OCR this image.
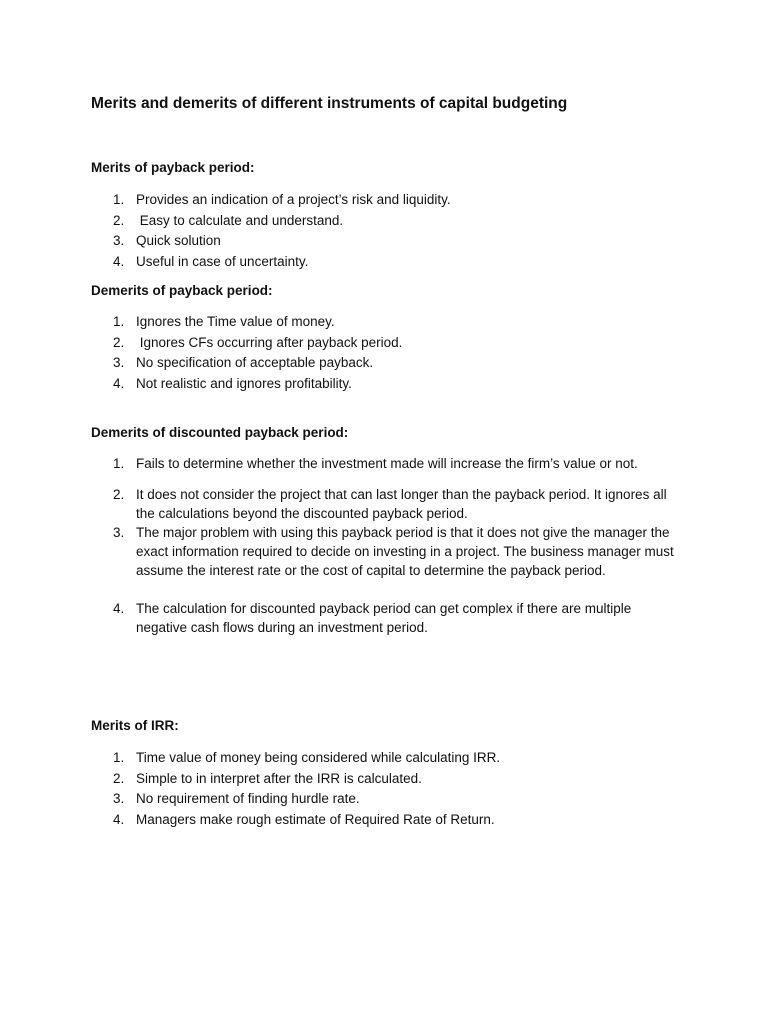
Merits and demerits of different instruments of capital budgeting
Merits of payback period:
1. Provides an indication of a project’s risk and liquidity.
2. Easy to calculate and understand.
3. Quick solution
4. Useful in case of uncertainty.
Demerits of payback period:
1. Ignores the Time value of money.
2. Ignores CFs occurring after payback period.
3. No specification of acceptable payback.
4. Not realistic and ignores profitability.
Demerits of discounted payback period:
1. Fails to determine whether the investment made will increase the firm’s value or not.
2. It does not consider the project that can last longer than the payback period. It ignores all the calculations beyond the discounted payback period.
3. The major problem with using this payback period is that it does not give the manager the exact information required to decide on investing in a project. The business manager must assume the interest rate or the cost of capital to determine the payback period.
4. The calculation for discounted payback period can get complex if there are multiple negative cash flows during an investment period.
Merits of IRR:
1. Time value of money being considered while calculating IRR.
2. Simple to in interpret after the IRR is calculated.
3. No requirement of finding hurdle rate.
4. Managers make rough estimate of Required Rate of Return.
